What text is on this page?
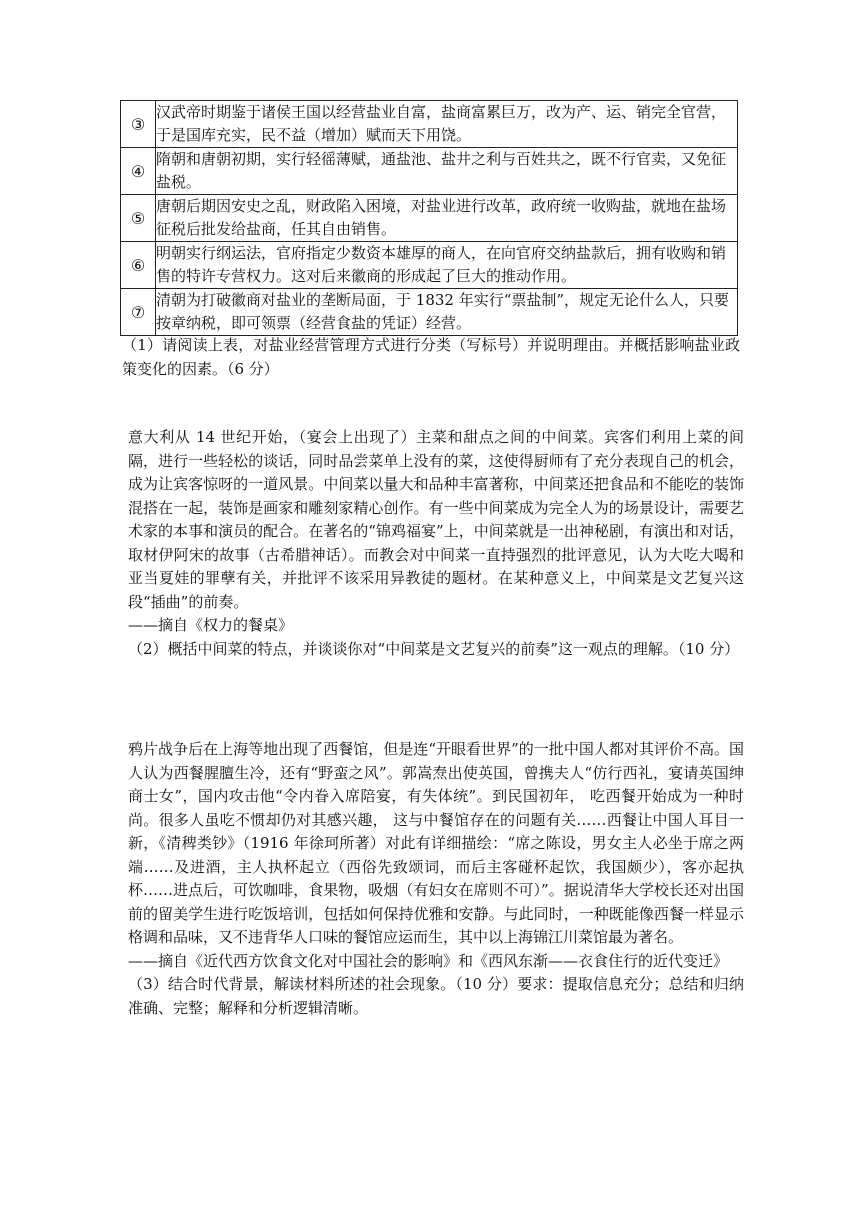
③	汉武帝时期鉴于诸侯王国以经营盐业自富，盐商富累巨万，改为产、运、销完全官营，于是国库充实，民不益（增加）赋而天下用饶。
④	隋朝和唐朝初期，实行轻徭薄赋，通盐池、盐井之利与百姓共之，既不行官卖，又免征盐税。
⑤	唐朝后期因安史之乱，财政陷入困境，对盐业进行改革，政府统一收购盐，就地在盐场征税后批发给盐商，任其自由销售。
⑥	明朝实行纲运法，官府指定少数资本雄厚的商人，在向官府交纳盐款后，拥有收购和销售的特许专营权力。这对后来徽商的形成起了巨大的推动作用。
⑦	清朝为打破徽商对盐业的垄断局面，于 1832 年实行“票盐制”，规定无论什么人，只要按章纳税，即可领票（经营食盐的凭证）经营。

（1）请阅读上表，对盐业经营管理方式进行分类（写标号）并说明理由。并概括影响盐业政策变化的因素。（6 分）

意大利从 14 世纪开始，（宴会上出现了）主菜和甜点之间的中间菜。宾客们利用上菜的间隔，进行一些轻松的谈话，同时品尝菜单上没有的菜，这使得厨师有了充分表现自己的机会，成为让宾客惊呀的一道风景。中间菜以量大和品种丰富著称，中间菜还把食品和不能吃的装饰混搭在一起，装饰是画家和雕刻家精心创作。有一些中间菜成为完全人为的场景设计，需要艺术家的本事和演员的配合。在著名的“锦鸡福宴”上，中间菜就是一出神秘剧，有演出和对话，取材伊阿宋的故事（古希腊神话）。而教会对中间菜一直持强烈的批评意见，认为大吃大喝和亚当夏娃的罪孽有关，并批评不该采用异教徒的题材。在某种意义上，中间菜是文艺复兴这段“插曲”的前奏。

——摘自《权力的餐桌》

（2）概括中间菜的特点，并谈谈你对“中间菜是文艺复兴的前奏”这一观点的理解。（10 分）

鸦片战争后在上海等地出现了西餐馆，但是连“开眼看世界”的一批中国人都对其评价不高。国人认为西餐腥膻生冷，还有“野蛮之风”。郭嵩焘出使英国，曾携夫人“仿行西礼，宴请英国绅商士女”，国内攻击他“令内眷入席陪宴，有失体统”。到民国初年， 吃西餐开始成为一种时尚。很多人虽吃不惯却仍对其感兴趣， 这与中餐馆存在的问题有关……西餐让中国人耳目一新，《清稗类钞》（1916 年徐珂所著）对此有详细描绘：“席之陈设，男女主人必坐于席之两端……及进酒，主人执杯起立（西俗先致颂词，而后主客碰杯起饮，我国颇少），客亦起执杯……进点后，可饮咖啡，食果物，吸烟（有妇女在席则不可）”。据说清华大学校长还对出国前的留美学生进行吃饭培训，包括如何保持优雅和安静。与此同时，一种既能像西餐一样显示格调和品味，又不违背华人口味的餐馆应运而生，其中以上海锦江川菜馆最为著名。

——摘自《近代西方饮食文化对中国社会的影响》和《西风东渐——衣食住行的近代变迁》

（3）结合时代背景，解读材料所述的社会现象。（10 分）要求：提取信息充分；总结和归纳准确、完整；解释和分析逻辑清晰。
